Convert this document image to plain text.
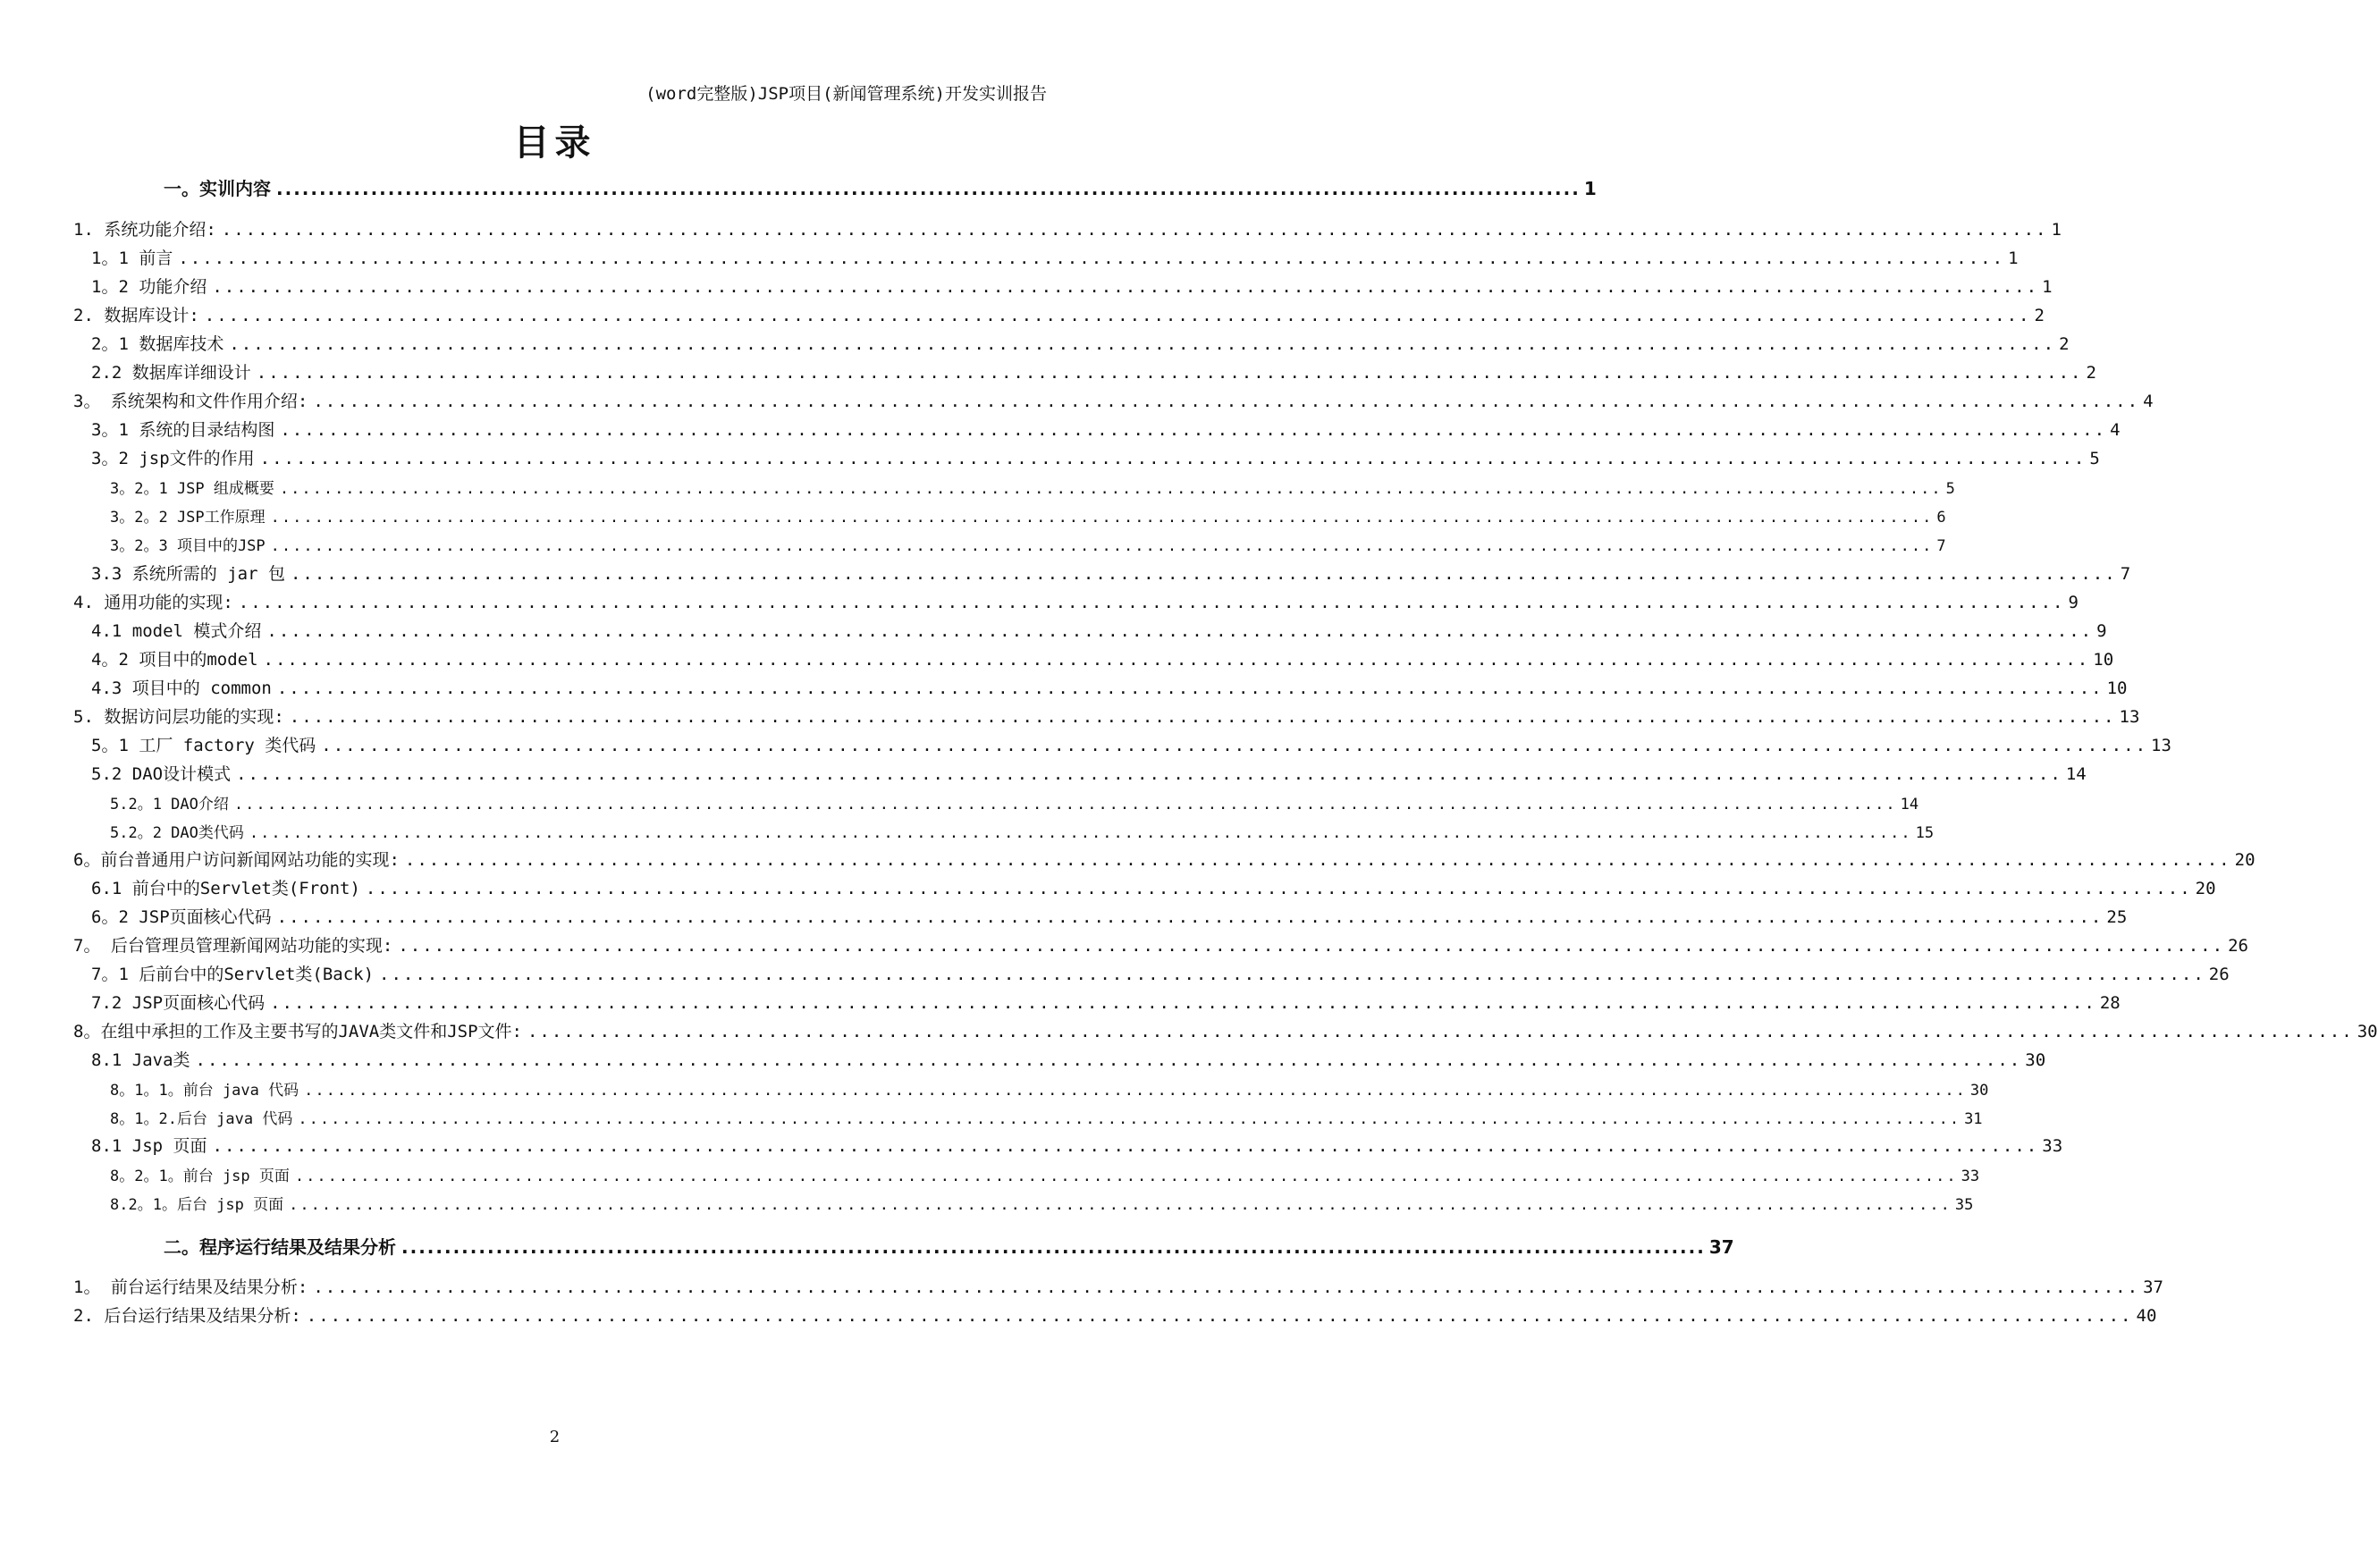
(word完整版)JSP项目(新闻管理系统)开发实训报告
目录
一。实训内容 ........................................................................................................................................................ 1
1. 系统功能介绍: ........................................................................................................................................................ 1
1。1 前言 ........................................................................................................................................................ 1
1。2 功能介绍 ........................................................................................................................................................ 1
2. 数据库设计: ........................................................................................................................................................ 2
2。1 数据库技术 ........................................................................................................................................................ 2
2.2 数据库详细设计 ........................................................................................................................................................ 2
3。 系统架构和文件作用介绍: ........................................................................................................................................................ 4
3。1 系统的目录结构图 ........................................................................................................................................................ 4
3。2 jsp文件的作用 ........................................................................................................................................................ 5
3。2。1 JSP 组成概要 ........................................................................................................................................................ 5
3。2。2 JSP工作原理 ........................................................................................................................................................ 6
3。2。3 项目中的JSP ........................................................................................................................................................ 7
3.3 系统所需的 jar 包 ........................................................................................................................................................ 7
4. 通用功能的实现: ........................................................................................................................................................ 9
4.1 model 模式介绍 ........................................................................................................................................................ 9
4。2 项目中的model ........................................................................................................................................................ 10
4.3 项目中的 common ........................................................................................................................................................ 10
5. 数据访问层功能的实现: ........................................................................................................................................................ 13
5。1 工厂 factory 类代码 ........................................................................................................................................................ 13
5.2 DAO设计模式 ........................................................................................................................................................ 14
5.2。1 DAO介绍 ........................................................................................................................................................ 14
5.2。2 DAO类代码 ........................................................................................................................................................ 15
6。前台普通用户访问新闻网站功能的实现: ........................................................................................................................................................ 20
6.1 前台中的Servlet类(Front) ........................................................................................................................................................ 20
6。2 JSP页面核心代码 ........................................................................................................................................................ 25
7。 后台管理员管理新闻网站功能的实现: ........................................................................................................................................................ 26
7。1 后前台中的Servlet类(Back) ........................................................................................................................................................ 26
7.2 JSP页面核心代码 ........................................................................................................................................................ 28
8。在组中承担的工作及主要书写的JAVA类文件和JSP文件: ........................................................................................................................................................ 30
8.1 Java类 ........................................................................................................................................................ 30
8。1。1。前台 java 代码 ........................................................................................................................................................ 30
8。1。2.后台 java 代码 ........................................................................................................................................................ 31
8.1 Jsp 页面 ........................................................................................................................................................ 33
8。2。1。前台 jsp 页面 ........................................................................................................................................................ 33
8.2。1。后台 jsp 页面 ........................................................................................................................................................ 35
二。程序运行结果及结果分析 ........................................................................................................................................................ 37
1。 前台运行结果及结果分析: ........................................................................................................................................................ 37
2. 后台运行结果及结果分析: ........................................................................................................................................................ 40
2
